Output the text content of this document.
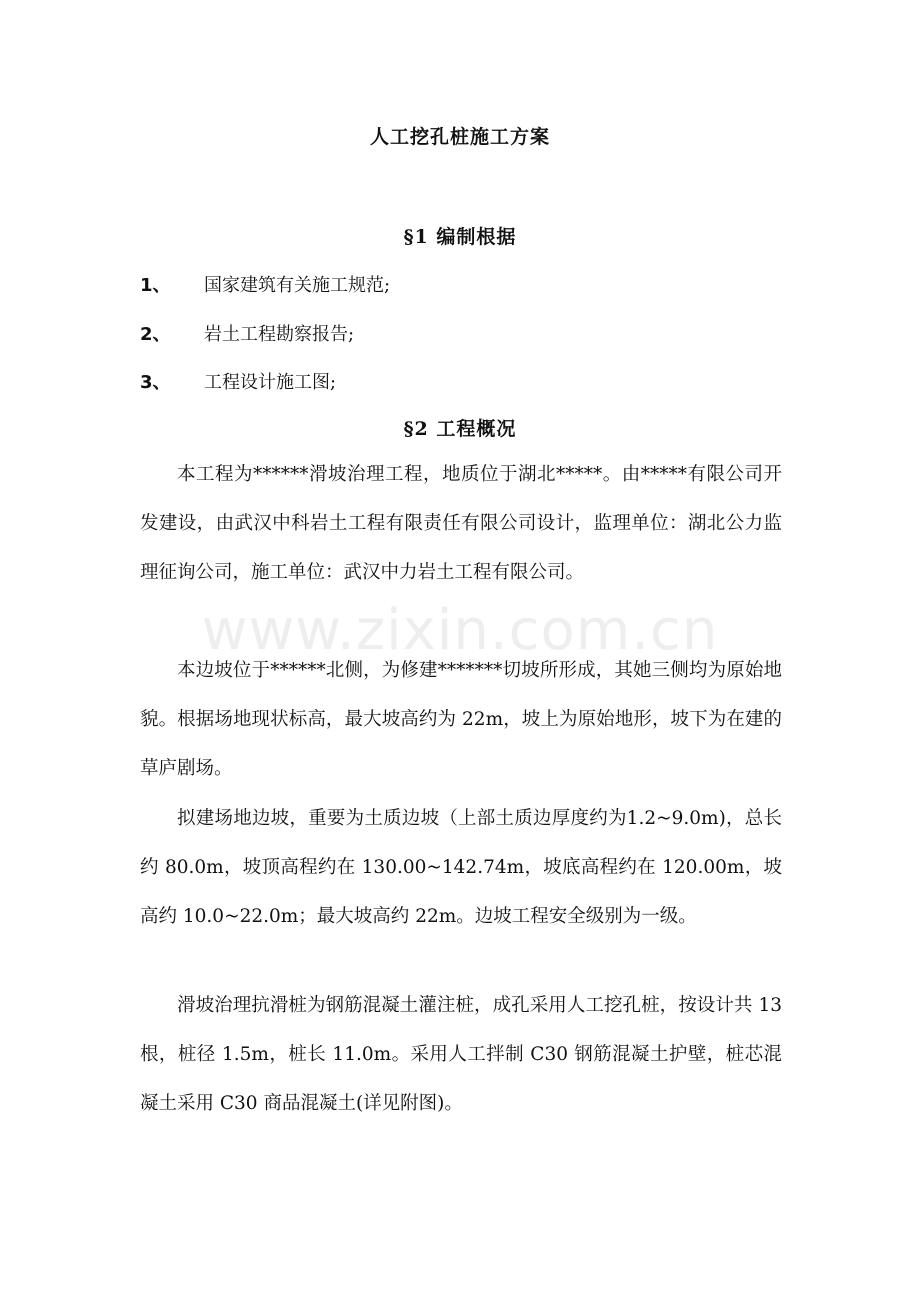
人工挖孔桩施工方案
§1 编制根据
1、 国家建筑有关施工规范;
2、 岩土工程勘察报告;
3、 工程设计施工图;
§2 工程概况

本工程为******滑坡治理工程，地质位于湖北*****。由*****有限公司开发建设，由武汉中科岩土工程有限责任有限公司设计，监理单位：湖北公力监理征询公司，施工单位：武汉中力岩土工程有限公司。

本边坡位于******北侧，为修建*******切坡所形成，其她三侧均为原始地貌。根据场地现状标高，最大坡高约为 22m，坡上为原始地形，坡下为在建的草庐剧场。

拟建场地边坡，重要为土质边坡（上部土质边厚度约为1.2~9.0m)，总长约 80.0m，坡顶高程约在 130.00~142.74m，坡底高程约在 120.00m，坡高约 10.0~22.0m；最大坡高约 22m。边坡工程安全级别为一级。

滑坡治理抗滑桩为钢筋混凝土灌注桩，成孔采用人工挖孔桩，按设计共 13 根，桩径 1.5m，桩长 11.0m。采用人工拌制 C30 钢筋混凝土护壁，桩芯混凝土采用 C30 商品混凝土(详见附图)。

www.zixin.com.cn
